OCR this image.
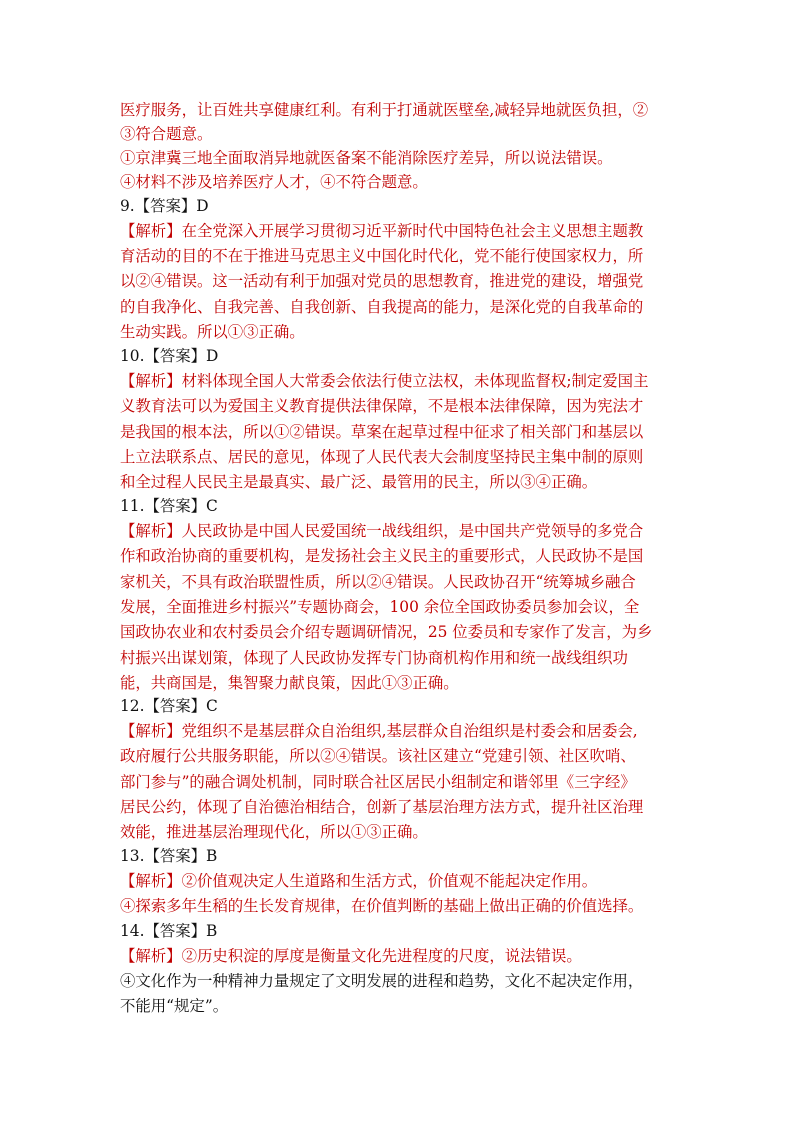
医疗服务，让百姓共享健康红利。有利于打通就医壁垒,减轻异地就医负担，②
③符合题意。
①京津冀三地全面取消异地就医备案不能消除医疗差异，所以说法错误。
④材料不涉及培养医疗人才，④不符合题意。
9.【答案】D
【解析】在全党深入开展学习贯彻习近平新时代中国特色社会主义思想主题教
育活动的目的不在于推进马克思主义中国化时代化，党不能行使国家权力，所
以②④错误。这一活动有利于加强对党员的思想教育，推进党的建设，增强党
的自我净化、自我完善、自我创新、自我提高的能力，是深化党的自我革命的
生动实践。所以①③正确。
10.【答案】D
【解析】材料体现全国人大常委会依法行使立法权，未体现监督权;制定爱国主
义教育法可以为爱国主义教育提供法律保障，不是根本法律保障，因为宪法才
是我国的根本法，所以①②错误。草案在起草过程中征求了相关部门和基层以
上立法联系点、居民的意见，体现了人民代表大会制度坚持民主集中制的原则
和全过程人民民主是最真实、最广泛、最管用的民主，所以③④正确。
11.【答案】C
【解析】人民政协是中国人民爱国统一战线组织，是中国共产党领导的多党合
作和政治协商的重要机构，是发扬社会主义民主的重要形式，人民政协不是国
家机关，不具有政治联盟性质，所以②④错误。人民政协召开“统筹城乡融合
发展，全面推进乡村振兴”专题协商会，100 余位全国政协委员参加会议，全
国政协农业和农村委员会介绍专题调研情况，25 位委员和专家作了发言，为乡
村振兴出谋划策，体现了人民政协发挥专门协商机构作用和统一战线组织功
能，共商国是，集智聚力献良策，因此①③正确。
12.【答案】C
【解析】党组织不是基层群众自治组织,基层群众自治组织是村委会和居委会,
政府履行公共服务职能，所以②④错误。该社区建立“党建引领、社区吹哨、
部门参与”的融合调处机制，同时联合社区居民小组制定和谐邻里《三字经》
居民公约，体现了自治德治相结合，创新了基层治理方法方式，提升社区治理
效能，推进基层治理现代化，所以①③正确。
13.【答案】B
【解析】②价值观决定人生道路和生活方式，价值观不能起决定作用。
④探索多年生稻的生长发育规律，在价值判断的基础上做出正确的价值选择。
14.【答案】B
【解析】②历史积淀的厚度是衡量文化先进程度的尺度，说法错误。
④文化作为一种精神力量规定了文明发展的进程和趋势，文化不起决定作用，
不能用“规定”。
